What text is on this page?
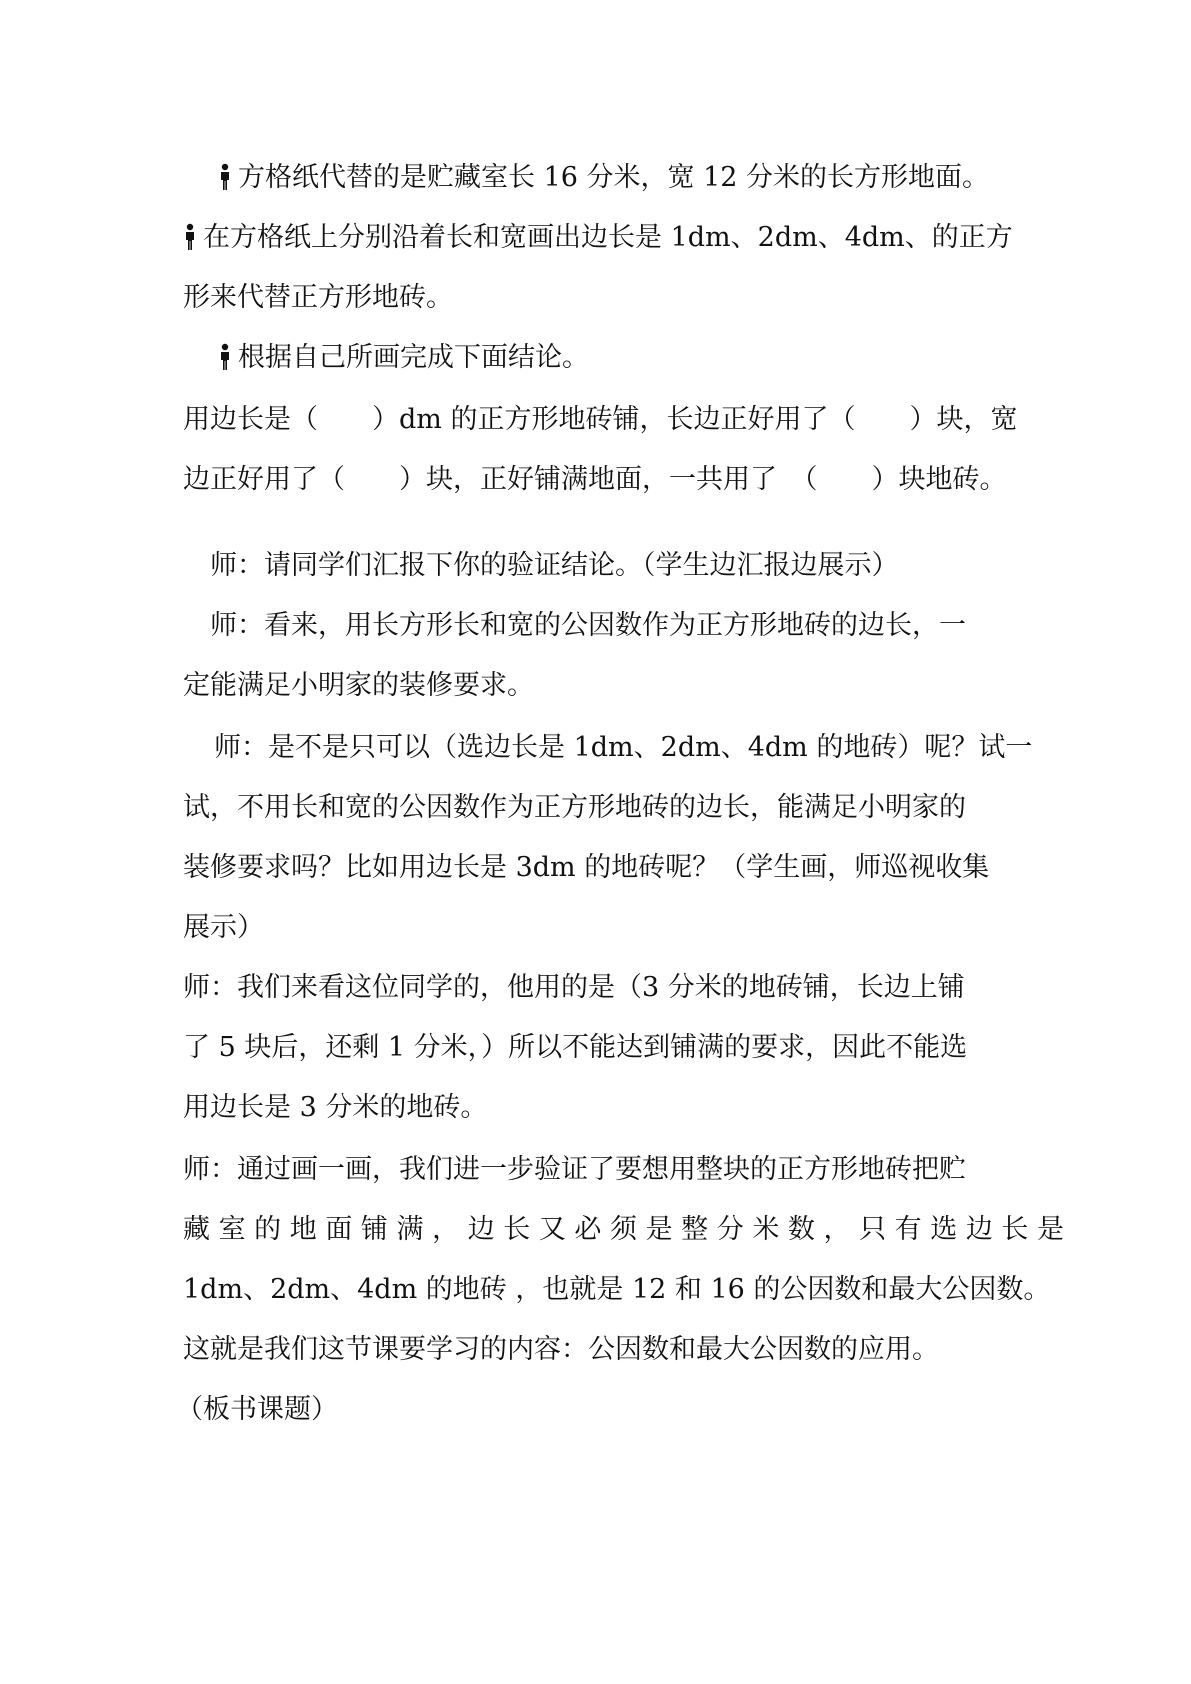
方格纸代替的是贮藏室长 16 分米，宽 12 分米的长方形地面。
在方格纸上分别沿着长和宽画出边长是 1dm、2dm、4dm、的正方
形来代替正方形地砖。
根据自己所画完成下面结论。
用边长是（　　）dm 的正方形地砖铺，长边正好用了（　　）块，宽
边正好用了（　　）块，正好铺满地面，一共用了　（　　）块地砖。
师：请同学们汇报下你的验证结论。（学生边汇报边展示）
师：看来，用长方形长和宽的公因数作为正方形地砖的边长，一
定能满足小明家的装修要求。
师：是不是只可以（选边长是 1dm、2dm、4dm 的地砖）呢？试一
试，不用长和宽的公因数作为正方形地砖的边长，能满足小明家的
装修要求吗？比如用边长是 3dm 的地砖呢？（学生画，师巡视收集
展示）
师：我们来看这位同学的，他用的是（3 分米的地砖铺，长边上铺
了 5 块后，还剩 1 分米，）所以不能达到铺满的要求，因此不能选
用边长是 3 分米的地砖。
师：通过画一画，我们进一步验证了要想用整块的正方形地砖把贮
藏 室 的 地 面 铺 满 ， 边 长 又 必 须 是 整 分 米 数 ， 只 有 选 边 长 是
1dm、2dm、4dm 的地砖 ，也就是 12 和 16 的公因数和最大公因数。
这就是我们这节课要学习的内容：公因数和最大公因数的应用。
（板书课题）
